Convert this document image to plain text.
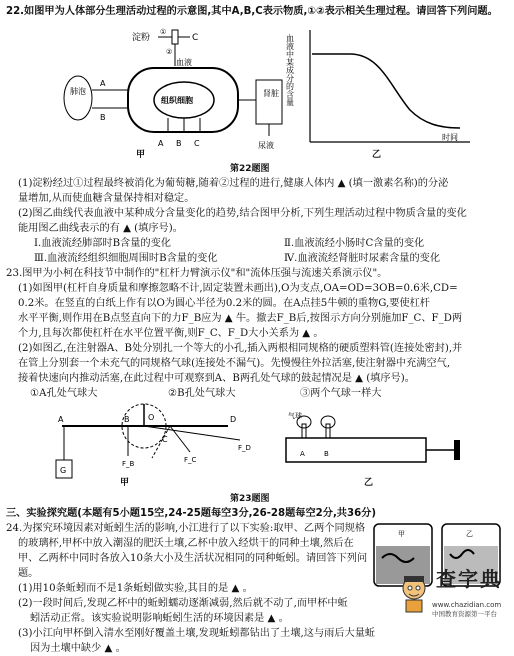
22.如图甲为人体部分生理活动过程的示意图,其中A,B,C表示物质,①②表示相关生理过程。请回答下列问题。

淀粉
①
C
②
血液
组织细胞
肺泡
A
B
A B C
肾脏
尿液
甲
血液中某成分的含量
时间
乙
第22题图

(1)淀粉经过①过程最终被消化为葡萄糖,随着②过程的进行,健康人体内 ▲ (填一激素名称)的分泌

量增加,从而使血糖含量保持相对稳定。

(2)图乙曲线代表血液中某种成分含量变化的趋势,结合图甲分析,下列生理活动过程中物质含量的变化

能用图乙曲线表示的有 ▲ (填序号)。

Ⅰ.血液流经肺部时B含量的变化	Ⅱ.血液流经小肠时C含量的变化

Ⅲ.血液流经组织细胞周围时B含量的变化	Ⅳ.血液流经肾脏时尿素含量的变化

23.图甲为小柯在科技节中制作的"杠杆力臂演示仪"和"流体压强与流速关系演示仪"。

(1)如图甲(杠杆自身质量和摩擦忽略不计,固定装置未画出),O为支点,OA=OD=3OB=0.6米,CD=

0.2米。在竖直的白纸上作有以O为圆心半径为0.2米的圆。在A点挂5牛顿的重物G,要使杠杆

水平平衡,则作用在B点竖直向下的力F_B应为 ▲ 牛。撤去F_B后,按图示方向分别施加F_C、F_D两

个力,且每次都使杠杆在水平位置平衡,则F_C、F_D大小关系为 ▲ 。

(2)如图乙,在注射器A、B处分别扎一个等大的小孔,插入两根相同规格的硬质塑料管(连接处密封),并

在管上分别套一个未充气的同规格气球(连接处不漏气)。先慢慢往外拉活塞,使注射器中充满空气,

接着快速向内推动活塞,在此过程中可观察到A、B两孔处气球的鼓起情况是 ▲ (填序号)。

①A孔处气球大	②B孔处气球大	③两个气球一样大

A	B O	D
G
F_B
C
F_C
F_D
甲
气球
A	B
乙
第23题图

三、实验探究题(本题有5小题15空,24-25题每空3分,26-28题每空2分,共36分)

24.为探究环境因素对蚯蚓生活的影响,小江进行了以下实验:取甲、乙两个同规格

的玻璃杯,甲杯中放入潮湿的肥沃土壤,乙杯中放入经烘干的同种土壤,然后在

甲、乙两杯中同时各放入10条大小及生活状况相同的同种蚯蚓。请回答下列问

题。

(1)用10条蚯蚓而不是1条蚯蚓做实验,其目的是 ▲ 。

(2)一段时间后,发现乙杯中的蚯蚓蠕动逐渐减弱,然后就不动了,而甲杯中蚯

蚓活动正常。该实验说明影响蚯蚓生活的环境因素是 ▲ 。

(3)小江向甲杯倒入清水至刚好覆盖土壤,发现蚯蚓都钻出了土壤,这与雨后大量蚯

因为土壤中缺少 ▲ 。

甲	乙
查字典
www.chazidian.com
中国教育资源第一平台
